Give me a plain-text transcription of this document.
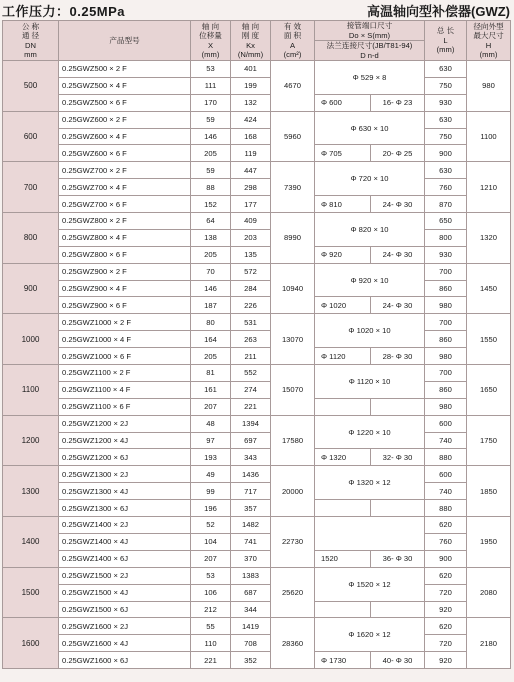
工作压力：0.25MPa	高温轴向型补偿器(GWZ)
公 称
通 径
DN
mm	产品型号	轴 向
位移量
X
(mm)	轴 向
刚 度
Kx
(N/mm)	有 效
面 积
A
(cm²)	接管端口尺寸
Do × S(mm)		总 长
L
(mm)	径向外型
最大尺寸
H
(mm)
					法兰连接尺寸(JB/T81-94)
D n-d			
500	0.25GWZ500 × 2 F	53	401	4670	Φ 529 × 8		630	980
	0.25GWZ500 × 4 F	111	199				750	
	0.25GWZ500 × 6 F	170	132		Φ 600	16- Φ 23	930	
600	0.25GWZ600 × 2 F	59	424	5960	Φ 630 × 10		630	1100
	0.25GWZ600 × 4 F	146	168				750	
	0.25GWZ600 × 6 F	205	119		Φ 705	20- Φ 25	900	
700	0.25GWZ700 × 2 F	59	447	7390	Φ 720 × 10		630	1210
	0.25GWZ700 × 4 F	88	298				760	
	0.25GWZ700 × 6 F	152	177		Φ 810	24- Φ 30	870	
800	0.25GWZ800 × 2 F	64	409	8990	Φ 820 × 10		650	1320
	0.25GWZ800 × 4 F	138	203				800	
	0.25GWZ800 × 6 F	205	135		Φ 920	24- Φ 30	930	
900	0.25GWZ900 × 2 F	70	572	10940	Φ 920 × 10		700	1450
	0.25GWZ900 × 4 F	146	284				860	
	0.25GWZ900 × 6 F	187	226		Φ 1020	24- Φ 30	980	
1000	0.25GWZ1000 × 2 F	80	531	13070	Φ 1020 × 10		700	1550
	0.25GWZ1000 × 4 F	164	263				860	
	0.25GWZ1000 × 6 F	205	211		Φ 1120	28- Φ 30	980	
1100	0.25GWZ1100 × 2 F	81	552	15070	Φ 1120 × 10		700	1650
	0.25GWZ1100 × 4 F	161	274				860	
	0.25GWZ1100 × 6 F	207	221				980	
1200	0.25GWZ1200 × 2J	48	1394	17580	Φ 1220 × 10		600	1750
	0.25GWZ1200 × 4J	97	697				740	
	0.25GWZ1200 × 6J	193	343		Φ 1320	32- Φ 30	880	
1300	0.25GWZ1300 × 2J	49	1436	20000	Φ 1320 × 12		600	1850
	0.25GWZ1300 × 4J	99	717				740	
	0.25GWZ1300 × 6J	196	357				880	
1400	0.25GWZ1400 × 2J	52	1482	22730			620	1950
	0.25GWZ1400 × 4J	104	741				760	
	0.25GWZ1400 × 6J	207	370		1520	36- Φ 30	900	
1500	0.25GWZ1500 × 2J	53	1383	25620	Φ 1520 × 12		620	2080
	0.25GWZ1500 × 4J	106	687				720	
	0.25GWZ1500 × 6J	212	344				920	
1600	0.25GWZ1600 × 2J	55	1419	28360	Φ 1620 × 12		620	2180
	0.25GWZ1600 × 4J	110	708				720	
	0.25GWZ1600 × 6J	221	352		Φ 1730	40- Φ 30	920	
